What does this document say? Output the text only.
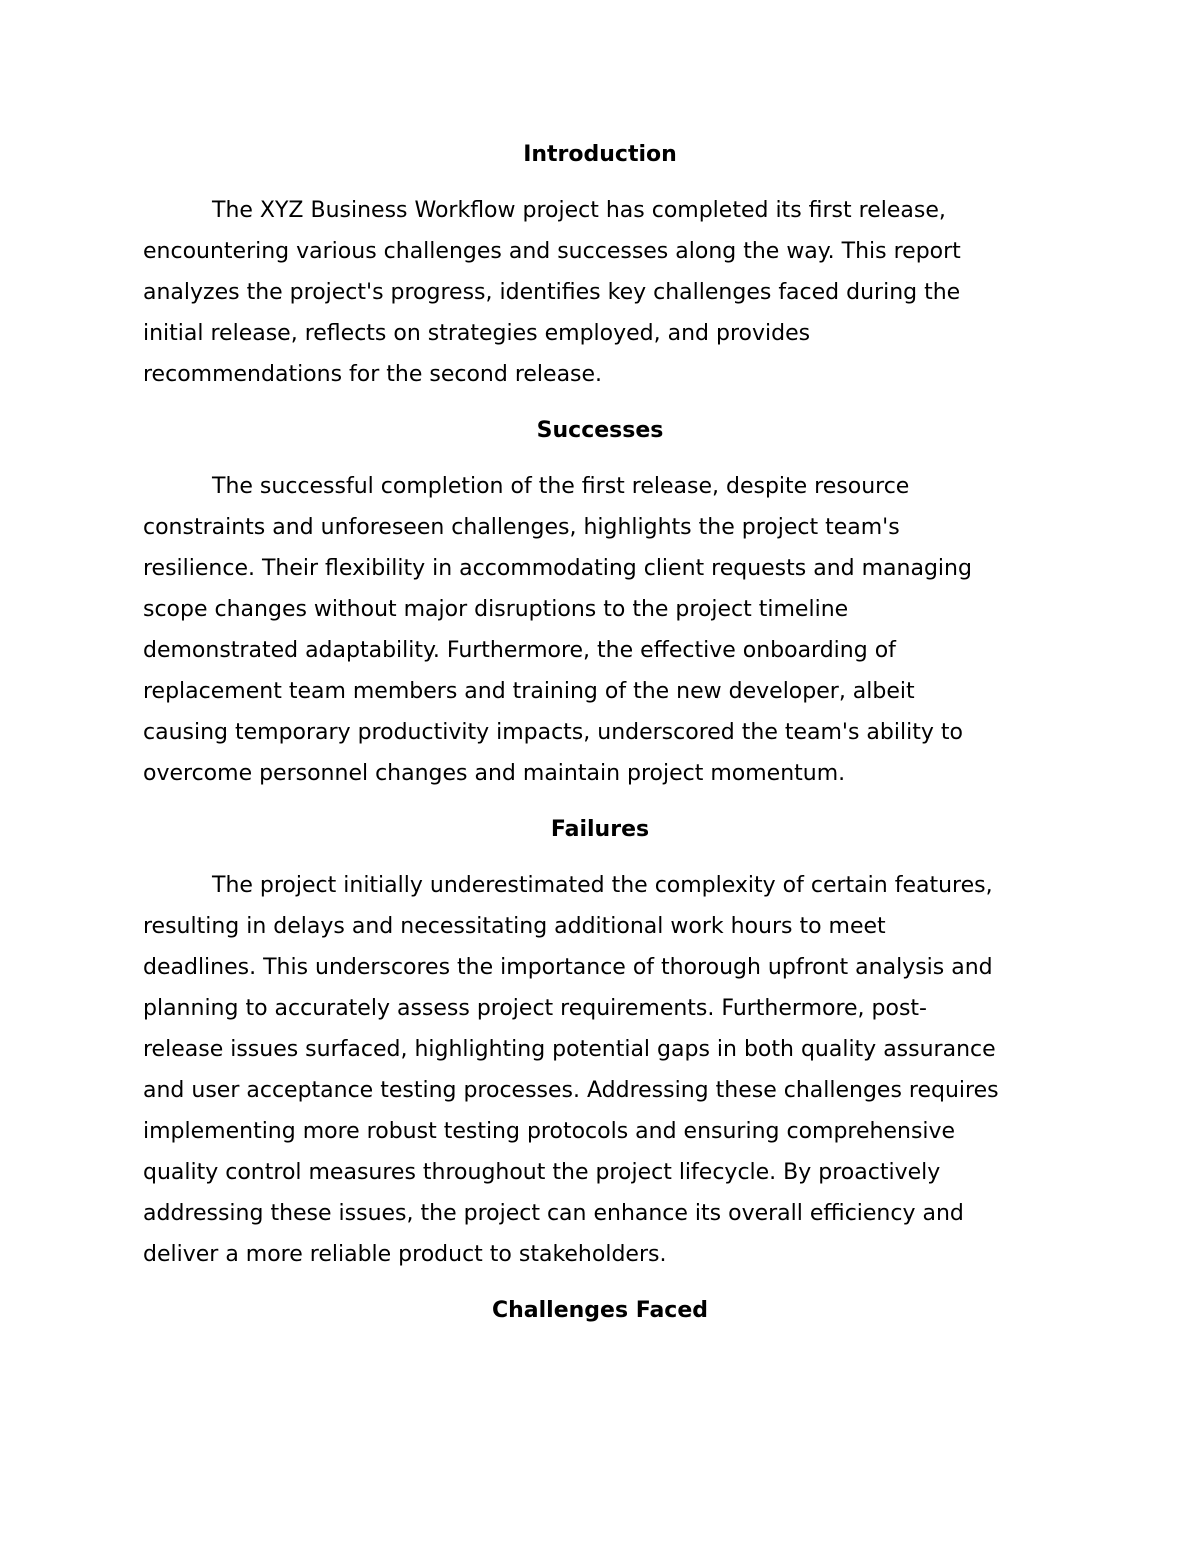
Introduction
The XYZ Business Workflow project has completed its first release,
encountering various challenges and successes along the way. This report
analyzes the project's progress, identifies key challenges faced during the
initial release, reflects on strategies employed, and provides
recommendations for the second release.
Successes
The successful completion of the first release, despite resource
constraints and unforeseen challenges, highlights the project team's
resilience. Their flexibility in accommodating client requests and managing
scope changes without major disruptions to the project timeline
demonstrated adaptability. Furthermore, the effective onboarding of
replacement team members and training of the new developer, albeit
causing temporary productivity impacts, underscored the team's ability to
overcome personnel changes and maintain project momentum.
Failures
The project initially underestimated the complexity of certain features,
resulting in delays and necessitating additional work hours to meet
deadlines. This underscores the importance of thorough upfront analysis and
planning to accurately assess project requirements. Furthermore, post-
release issues surfaced, highlighting potential gaps in both quality assurance
and user acceptance testing processes. Addressing these challenges requires
implementing more robust testing protocols and ensuring comprehensive
quality control measures throughout the project lifecycle. By proactively
addressing these issues, the project can enhance its overall efficiency and
deliver a more reliable product to stakeholders.
Challenges Faced
